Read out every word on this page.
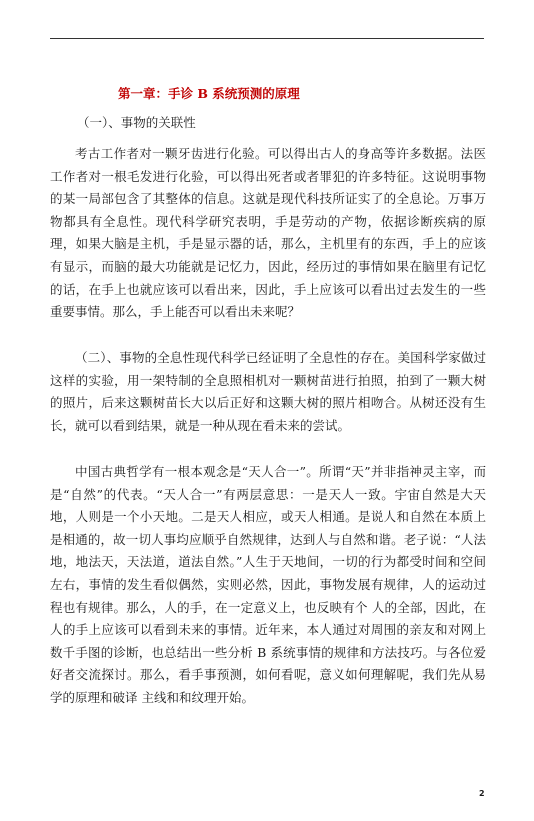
第一章：手诊 B 系统预测的原理
（一）、事物的关联性

考古工作者对一颗牙齿进行化验。可以得出古人的身高等许多数据。法医工作者对一根毛发进行化验，可以得出死者或者罪犯的许多特征。这说明事物的某一局部包含了其整体的信息。这就是现代科技所证实了的全息论。万事万物都具有全息性。现代科学研究表明，手是劳动的产物，依据诊断疾病的原理，如果大脑是主机，手是显示器的话，那么，主机里有的东西，手上的应该有显示，而脑的最大功能就是记忆力，因此，经历过的事情如果在脑里有记忆的话，在手上也就应该可以看出来，因此，手上应该可以看出过去发生的一些重要事情。那么，手上能否可以看出未来呢？

（二）、事物的全息性现代科学已经证明了全息性的存在。美国科学家做过这样的实验，用一架特制的全息照相机对一颗树苗进行拍照，拍到了一颗大树的照片，后来这颗树苗长大以后正好和这颗大树的照片相吻合。从树还没有生长，就可以看到结果，就是一种从现在看未来的尝试。

中国古典哲学有一根本观念是“天人合一”。所谓“天”并非指神灵主宰，而是“自然”的代表。“天人合一”有两层意思：一是天人一致。宇宙自然是大天地，人则是一个小天地。二是天人相应，或天人相通。是说人和自然在本质上是相通的，故一切人事均应顺乎自然规律，达到人与自然和谐。老子说：“人法地，地法天，天法道，道法自然。”人生于天地间，一切的行为都受时间和空间左右，事情的发生看似偶然，实则必然，因此，事物发展有规律，人的运动过程也有规律。那么，人的手，在一定意义上，也反映有个 人的全部，因此，在人的手上应该可以看到未来的事情。近年来，本人通过对周围的亲友和对网上数千手图的诊断，也总结出一些分析 B 系统事情的规律和方法技巧。与各位爱好者交流探讨。那么，看手事预测，如何看呢，意义如何理解呢，我们先从易学的原理和破译 主线和和纹理开始。

2
